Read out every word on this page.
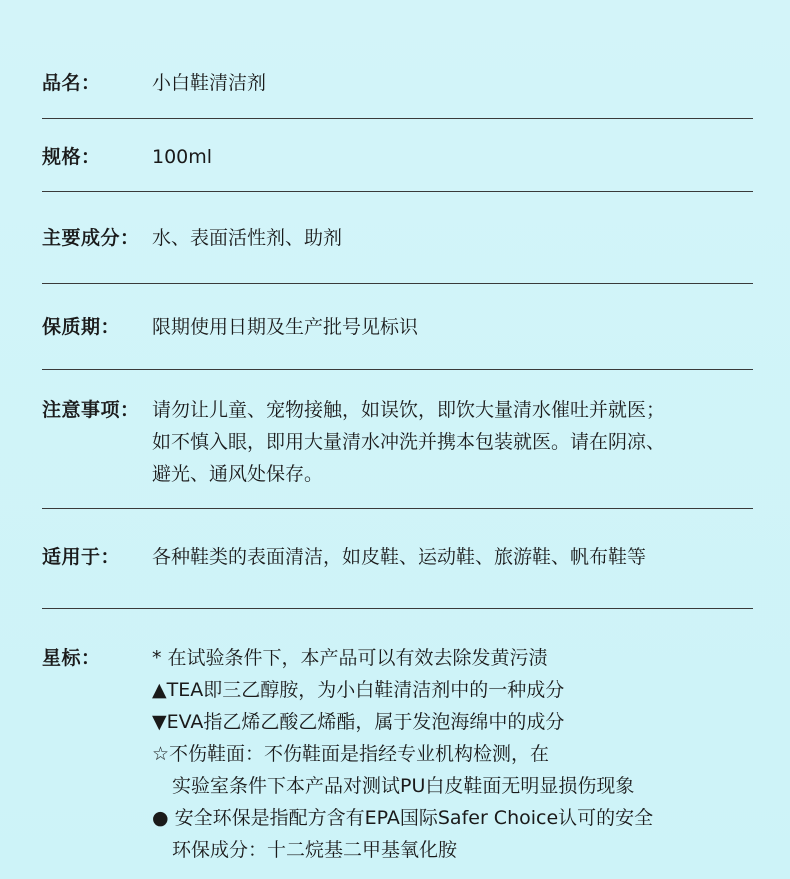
品名：	小白鞋清洁剂
规格：	100ml
主要成分： 水、表面活性剂、助剂
保质期： 限期使用日期及生产批号见标识
注意事项： 请勿让儿童、宠物接触，如误饮，即饮大量清水催吐并就医；
如不慎入眼，即用大量清水冲洗并携本包装就医。请在阴凉、
避光、通风处保存。
适用于： 各种鞋类的表面清洁，如皮鞋、运动鞋、旅游鞋、帆布鞋等
星标：	* 在试验条件下，本产品可以有效去除发黄污渍
▲TEA即三乙醇胺，为小白鞋清洁剂中的一种成分
▼EVA指乙烯乙酸乙烯酯，属于发泡海绵中的成分
☆不伤鞋面：不伤鞋面是指经专业机构检测，在
实验室条件下本产品对测试PU白皮鞋面无明显损伤现象
● 安全环保是指配方含有EPA国际Safer Choice认可的安全
环保成分：十二烷基二甲基氧化胺
